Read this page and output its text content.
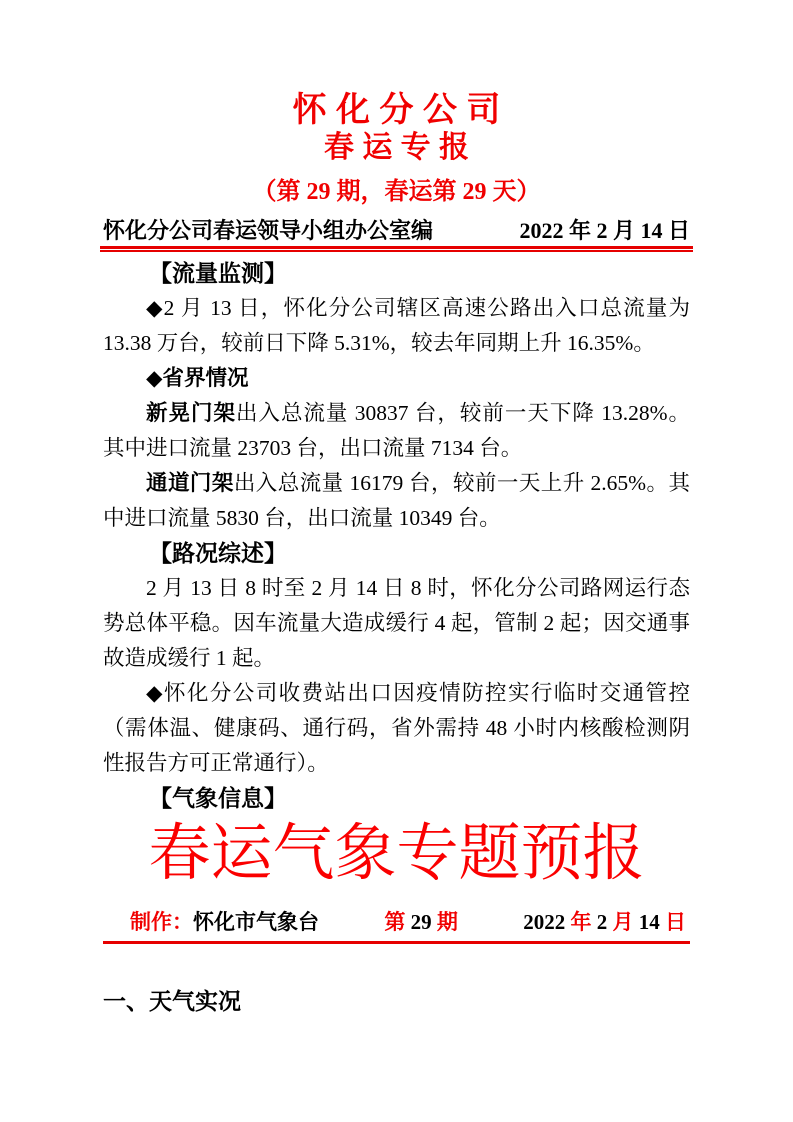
怀 化 分 公 司
春 运 专 报
（第 29 期，春运第 29 天）
怀化分公司春运领导小组办公室编	2022 年 2 月 14 日
【流量监测】

◆2 月 13 日，怀化分公司辖区高速公路出入口总流量为 13.38 万台，较前日下降 5.31%，较去年同期上升 16.35%。

◆省界情况

新晃门架出入总流量 30837 台，较前一天下降 13.28%。其中进口流量 23703 台，出口流量 7134 台。

通道门架出入总流量 16179 台，较前一天上升 2.65%。其中进口流量 5830 台，出口流量 10349 台。

【路况综述】

2 月 13 日 8 时至 2 月 14 日 8 时，怀化分公司路网运行态势总体平稳。因车流量大造成缓行 4 起，管制 2 起；因交通事故造成缓行 1 起。

◆怀化分公司收费站出口因疫情防控实行临时交通管控（需体温、健康码、通行码，省外需持 48 小时内核酸检测阴性报告方可正常通行）。

【气象信息】
春运气象专题预报
制作：怀化市气象台	第 29 期	2022 年 2 月 14 日
一、天气实况
